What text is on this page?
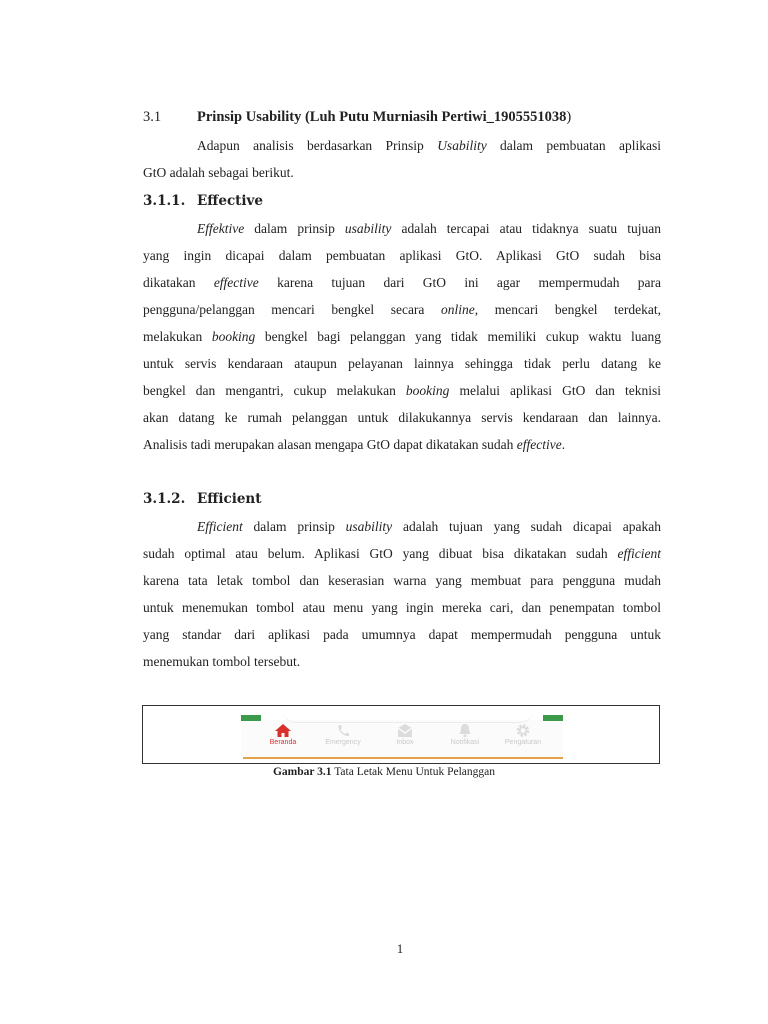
3.1 Prinsip Usability (Luh Putu Murniasih Pertiwi_1905551038)
Adapun analisis berdasarkan Prinsip Usability dalam pembuatan aplikasi
GtO adalah sebagai berikut.
3.1.1. Effective
Effektive dalam prinsip usability adalah tercapai atau tidaknya suatu tujuan
yang ingin dicapai dalam pembuatan aplikasi GtO. Aplikasi GtO sudah bisa
dikatakan effective karena tujuan dari GtO ini agar mempermudah para
pengguna/pelanggan mencari bengkel secara online, mencari bengkel terdekat,
melakukan booking bengkel bagi pelanggan yang tidak memiliki cukup waktu luang
untuk servis kendaraan ataupun pelayanan lainnya sehingga tidak perlu datang ke
bengkel dan mengantri, cukup melakukan booking melalui aplikasi GtO dan teknisi
akan datang ke rumah pelanggan untuk dilakukannya servis kendaraan dan lainnya.
Analisis tadi merupakan alasan mengapa GtO dapat dikatakan sudah effective.
3.1.2. Efficient
Efficient dalam prinsip usability adalah tujuan yang sudah dicapai apakah
sudah optimal atau belum. Aplikasi GtO yang dibuat bisa dikatakan sudah efficient
karena tata letak tombol dan keserasian warna yang membuat para pengguna mudah
untuk menemukan tombol atau menu yang ingin mereka cari, dan penempatan tombol
yang standar dari aplikasi pada umumnya dapat mempermudah pengguna untuk
menemukan tombol tersebut.
Beranda	Emergency	Inbox	Notifikasi	Pengaturan
Gambar 3.1 Tata Letak Menu Untuk Pelanggan
1
